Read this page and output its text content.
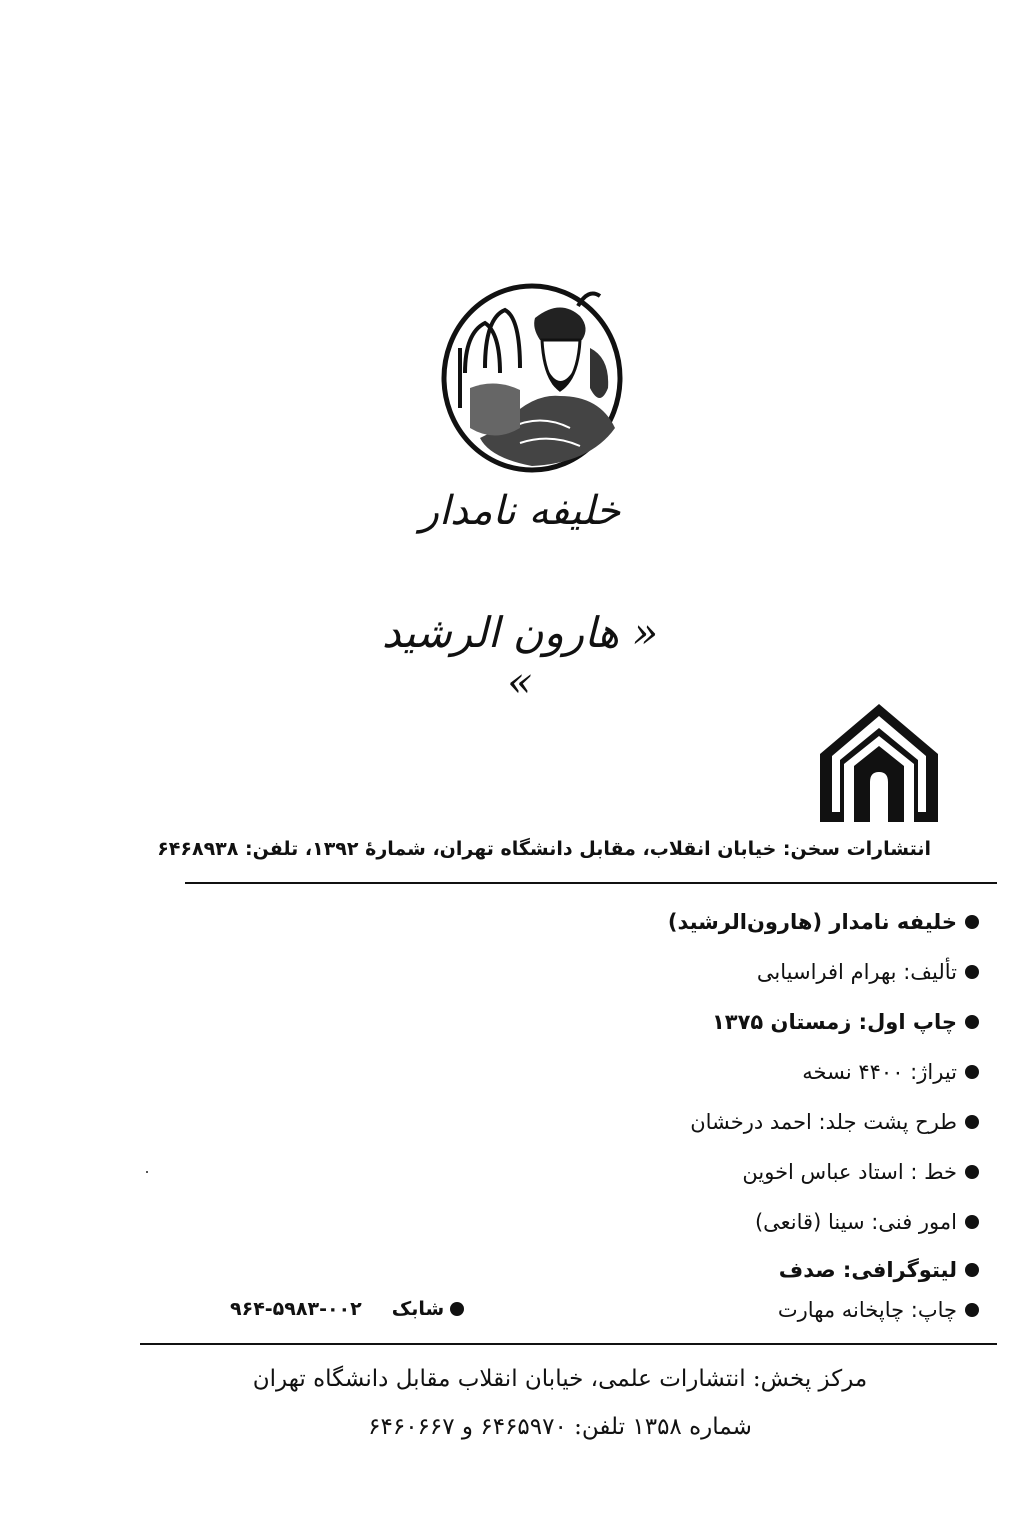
خلیفه نامدار
« هارون الرشید »
انتشارات سخن: خیابان انقلاب، مقابل دانشگاه تهران، شمارهٔ ۱۳۹۲، تلفن: ۶۴۶۸۹۳۸
خلیفه نامدار (هارون‌الرشید)
تألیف: بهرام افراسیابی
چاپ اول: زمستان ۱۳۷۵
تیراژ: ۴۴۰۰ نسخه
طرح پشت جلد: احمد درخشان
خط : استاد عباس اخوین
امور فنی: سینا (قانعی)
لیتوگرافی: صدف
چاپ: چاپخانه مهارت
شابک
۹۶۴-۵۹۸۳-۰۰۲
مرکز پخش: انتشارات علمی، خیابان انقلاب مقابل دانشگاه تهران
شماره ۱۳۵۸ تلفن: ۶۴۶۵۹۷۰ و ۶۴۶۰۶۶۷
